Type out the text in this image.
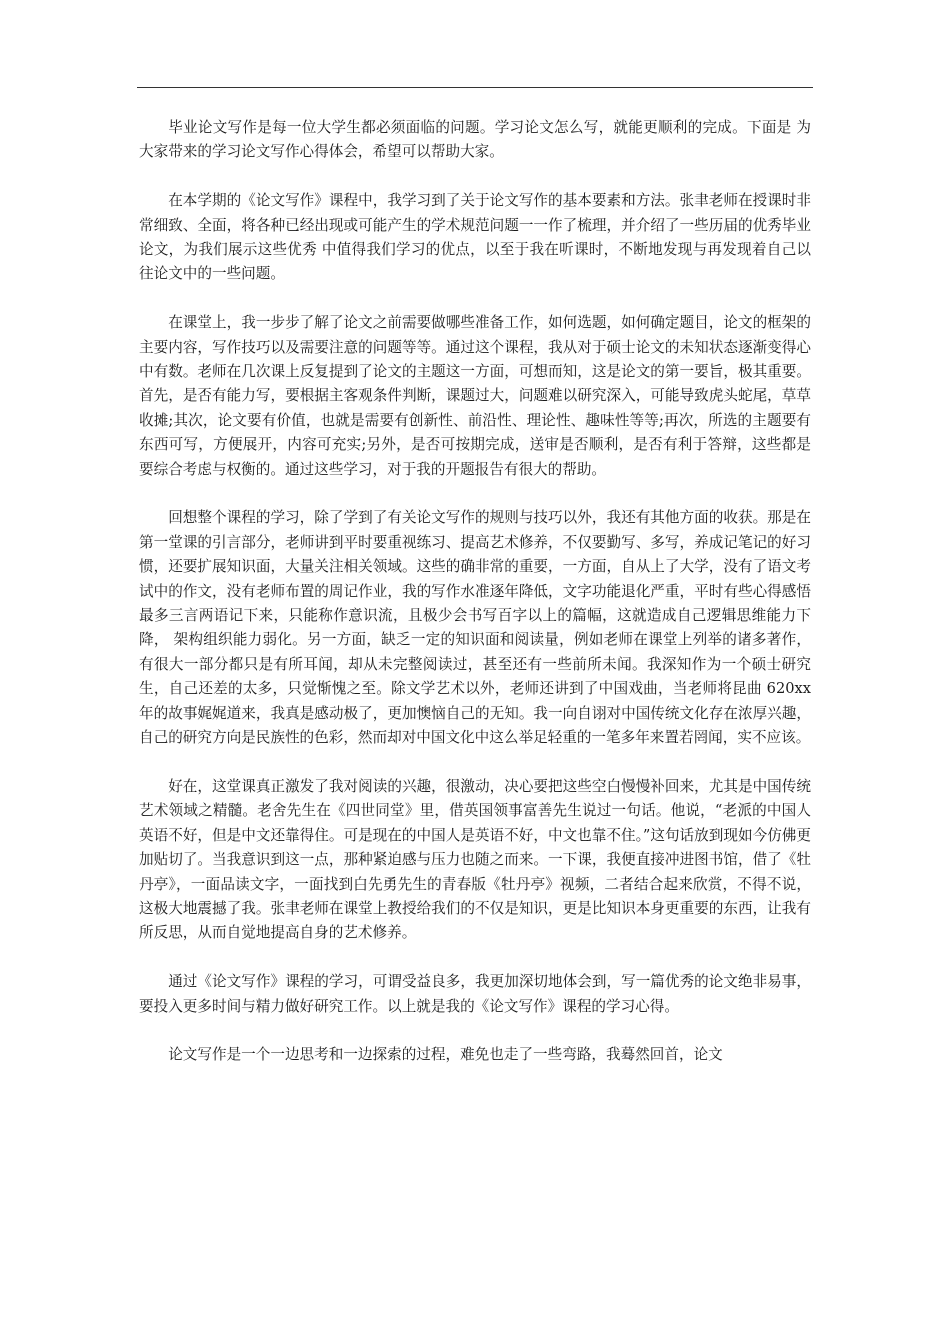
毕业论文写作是每一位大学生都必须面临的问题。学习论文怎么写，就能更顺利的完成。下面是 为大家带来的学习论文写作心得体会，希望可以帮助大家。

在本学期的《论文写作》课程中，我学习到了关于论文写作的基本要素和方法。张聿老师在授课时非常细致、全面，将各种已经出现或可能产生的学术规范问题一一作了梳理，并介绍了一些历届的优秀毕业论文，为我们展示这些优秀 中值得我们学习的优点，以至于我在听课时，不断地发现与再发现着自己以往论文中的一些问题。

在课堂上，我一步步了解了论文之前需要做哪些准备工作，如何选题，如何确定题目，论文的框架的主要内容，写作技巧以及需要注意的问题等等。通过这个课程，我从对于硕士论文的未知状态逐渐变得心中有数。老师在几次课上反复提到了论文的主题这一方面，可想而知，这是论文的第一要旨，极其重要。首先，是否有能力写，要根据主客观条件判断，课题过大，问题难以研究深入，可能导致虎头蛇尾，草草收摊;其次，论文要有价值，也就是需要有创新性、前沿性、理论性、趣味性等等;再次，所选的主题要有东西可写，方便展开，内容可充实;另外，是否可按期完成，送审是否顺利，是否有利于答辩，这些都是要综合考虑与权衡的。通过这些学习，对于我的开题报告有很大的帮助。

回想整个课程的学习，除了学到了有关论文写作的规则与技巧以外，我还有其他方面的收获。那是在第一堂课的引言部分，老师讲到平时要重视练习、提高艺术修养，不仅要勤写、多写，养成记笔记的好习惯，还要扩展知识面，大量关注相关领域。这些的确非常的重要，一方面，自从上了大学，没有了语文考试中的作文，没有老师布置的周记作业，我的写作水准逐年降低，文字功能退化严重，平时有些心得感悟最多三言两语记下来，只能称作意识流，且极少会书写百字以上的篇幅，这就造成自己逻辑思维能力下降， 架构组织能力弱化。另一方面，缺乏一定的知识面和阅读量，例如老师在课堂上列举的诸多著作，有很大一部分都只是有所耳闻，却从未完整阅读过，甚至还有一些前所未闻。我深知作为一个硕士研究生，自己还差的太多，只觉惭愧之至。除文学艺术以外，老师还讲到了中国戏曲，当老师将昆曲 620xx年的故事娓娓道来，我真是感动极了，更加懊恼自己的无知。我一向自诩对中国传统文化存在浓厚兴趣，自己的研究方向是民族性的色彩，然而却对中国文化中这么举足轻重的一笔多年来置若罔闻，实不应该。

好在，这堂课真正激发了我对阅读的兴趣，很激动，决心要把这些空白慢慢补回来，尤其是中国传统艺术领域之精髓。老舍先生在《四世同堂》里，借英国领事富善先生说过一句话。他说，“老派的中国人英语不好，但是中文还靠得住。可是现在的中国人是英语不好，中文也靠不住。”这句话放到现如今仿佛更加贴切了。当我意识到这一点，那种紧迫感与压力也随之而来。一下课，我便直接冲进图书馆，借了《牡丹亭》，一面品读文字，一面找到白先勇先生的青春版《牡丹亭》视频，二者结合起来欣赏，不得不说，这极大地震撼了我。张聿老师在课堂上教授给我们的不仅是知识，更是比知识本身更重要的东西，让我有所反思，从而自觉地提高自身的艺术修养。

通过《论文写作》课程的学习，可谓受益良多，我更加深切地体会到，写一篇优秀的论文绝非易事，要投入更多时间与精力做好研究工作。以上就是我的《论文写作》课程的学习心得。

论文写作是一个一边思考和一边探索的过程，难免也走了一些弯路，我蓦然回首，论文
